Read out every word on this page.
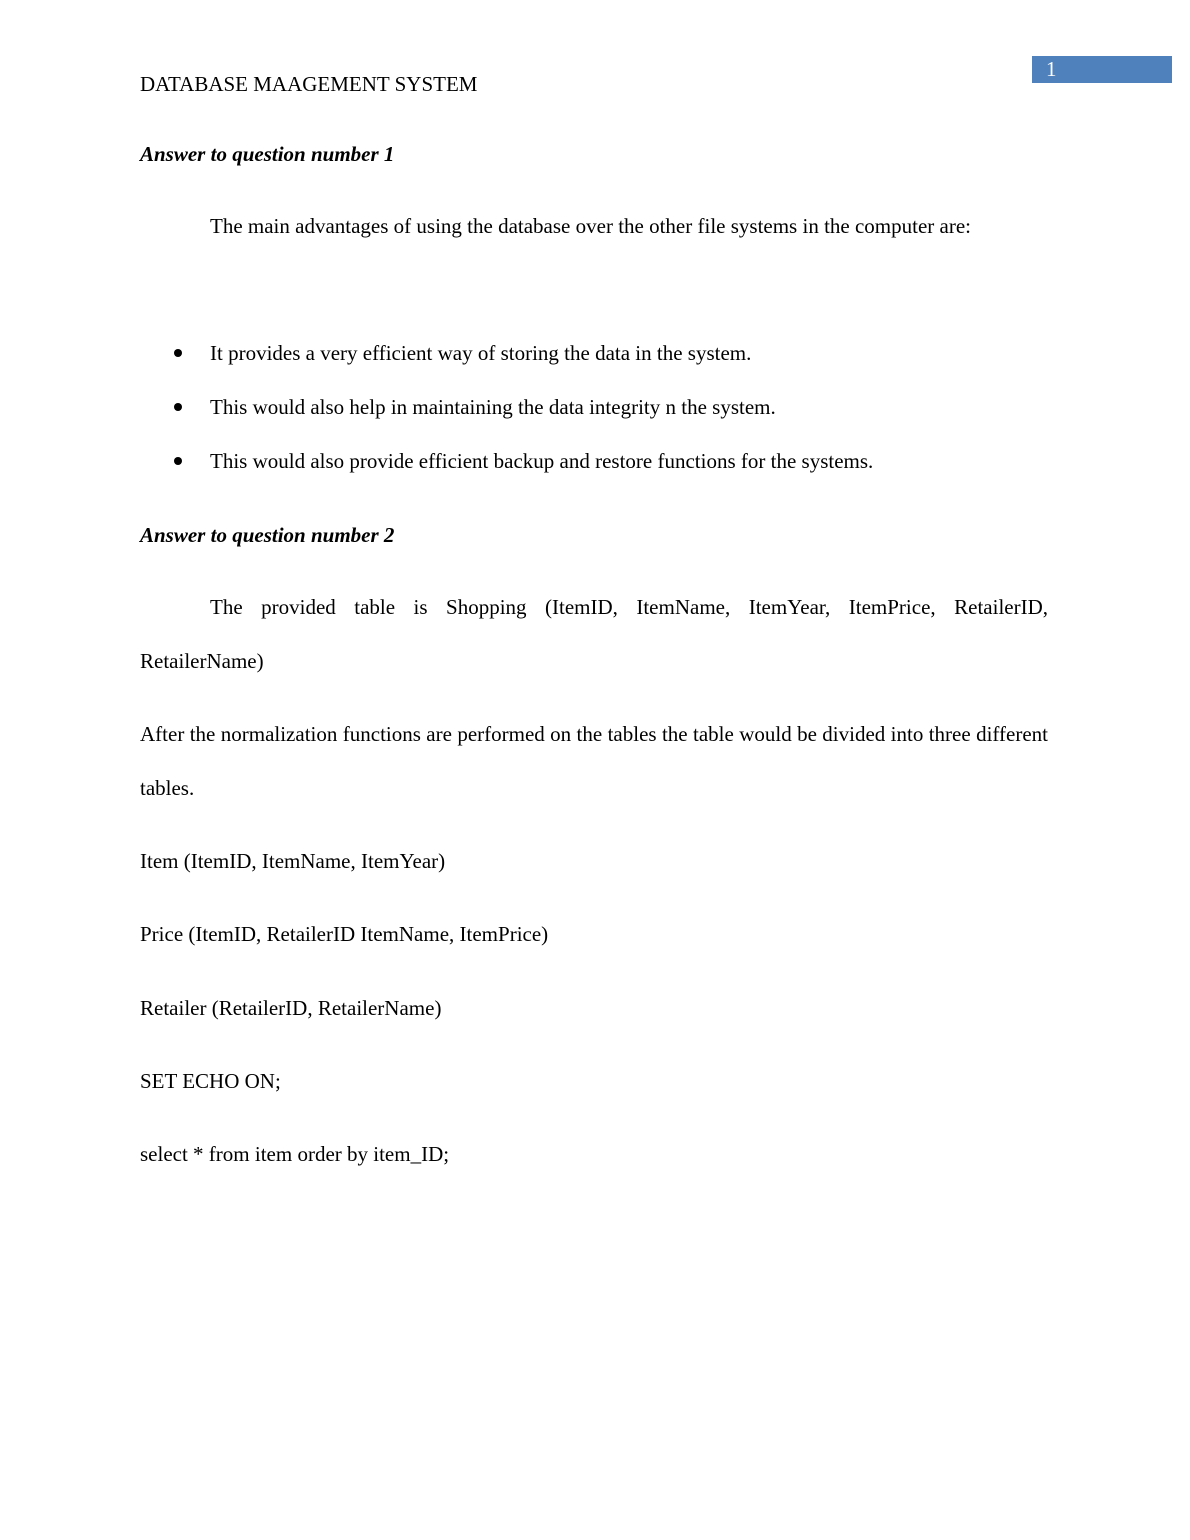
1
DATABASE MAAGEMENT SYSTEM
Answer to question number 1
The main advantages of using the database over the other file systems in the computer are:
It provides a very efficient way of storing the data in the system.
This would also help in maintaining the data integrity n the system.
This would also provide efficient backup and restore functions for the systems.
Answer to question number 2
The provided table is Shopping (ItemID, ItemName, ItemYear, ItemPrice, RetailerID, RetailerName)
After the normalization functions are performed on the tables the table would be divided into three different tables.
Item (ItemID, ItemName, ItemYear)
Price (ItemID, RetailerID ItemName, ItemPrice)
Retailer (RetailerID, RetailerName)
SET ECHO ON;
select * from item order by item_ID;
